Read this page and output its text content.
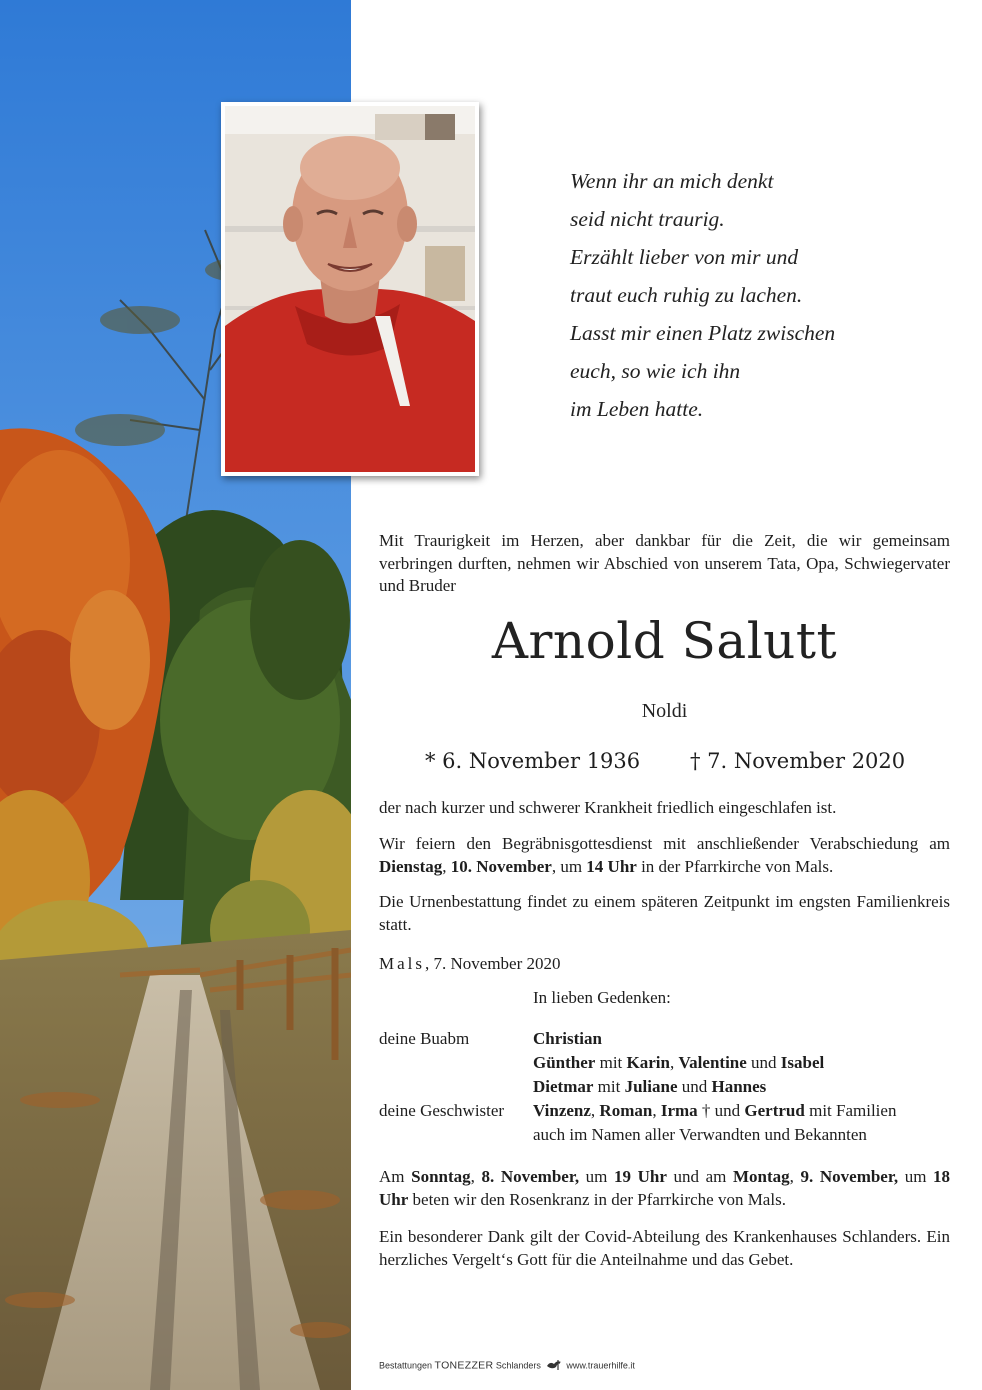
Wenn ihr an mich denkt
seid nicht traurig.
Erzählt lieber von mir und
traut euch ruhig zu lachen.
Lasst mir einen Platz zwischen
euch, so wie ich ihn
im Leben hatte.
Mit Traurigkeit im Herzen, aber dankbar für die Zeit, die wir gemeinsam verbringen durften, nehmen wir Abschied von unserem Tata, Opa, Schwiegervater und Bruder
Arnold Salutt
Noldi
* 6. November 1936 † 7. November 2020
der nach kurzer und schwerer Krankheit friedlich eingeschlafen ist.
Wir feiern den Begräbnisgottesdienst mit anschließender Verabschiedung am Dienstag, 10. November, um 14 Uhr in der Pfarrkirche von Mals.
Die Urnenbestattung findet zu einem späteren Zeitpunkt im engsten Familienkreis statt.
Mals, 7. November 2020
In lieben Gedenken:
deine Buabm	Christian
Günther mit Karin, Valentine und Isabel
Dietmar mit Juliane und Hannes
deine Geschwister Vinzenz, Roman, Irma † und Gertrud mit Familien
auch im Namen aller Verwandten und Bekannten
Am Sonntag, 8. November, um 19 Uhr und am Montag, 9. November, um 18 Uhr beten wir den Rosenkranz in der Pfarrkirche von Mals.
Ein besonderer Dank gilt der Covid-Abteilung des Krankenhauses Schlanders. Ein herzliches Vergelt‘s Gott für die Anteilnahme und das Gebet.
Bestattungen TONEZZER Schlanders	www.trauerhilfe.it
